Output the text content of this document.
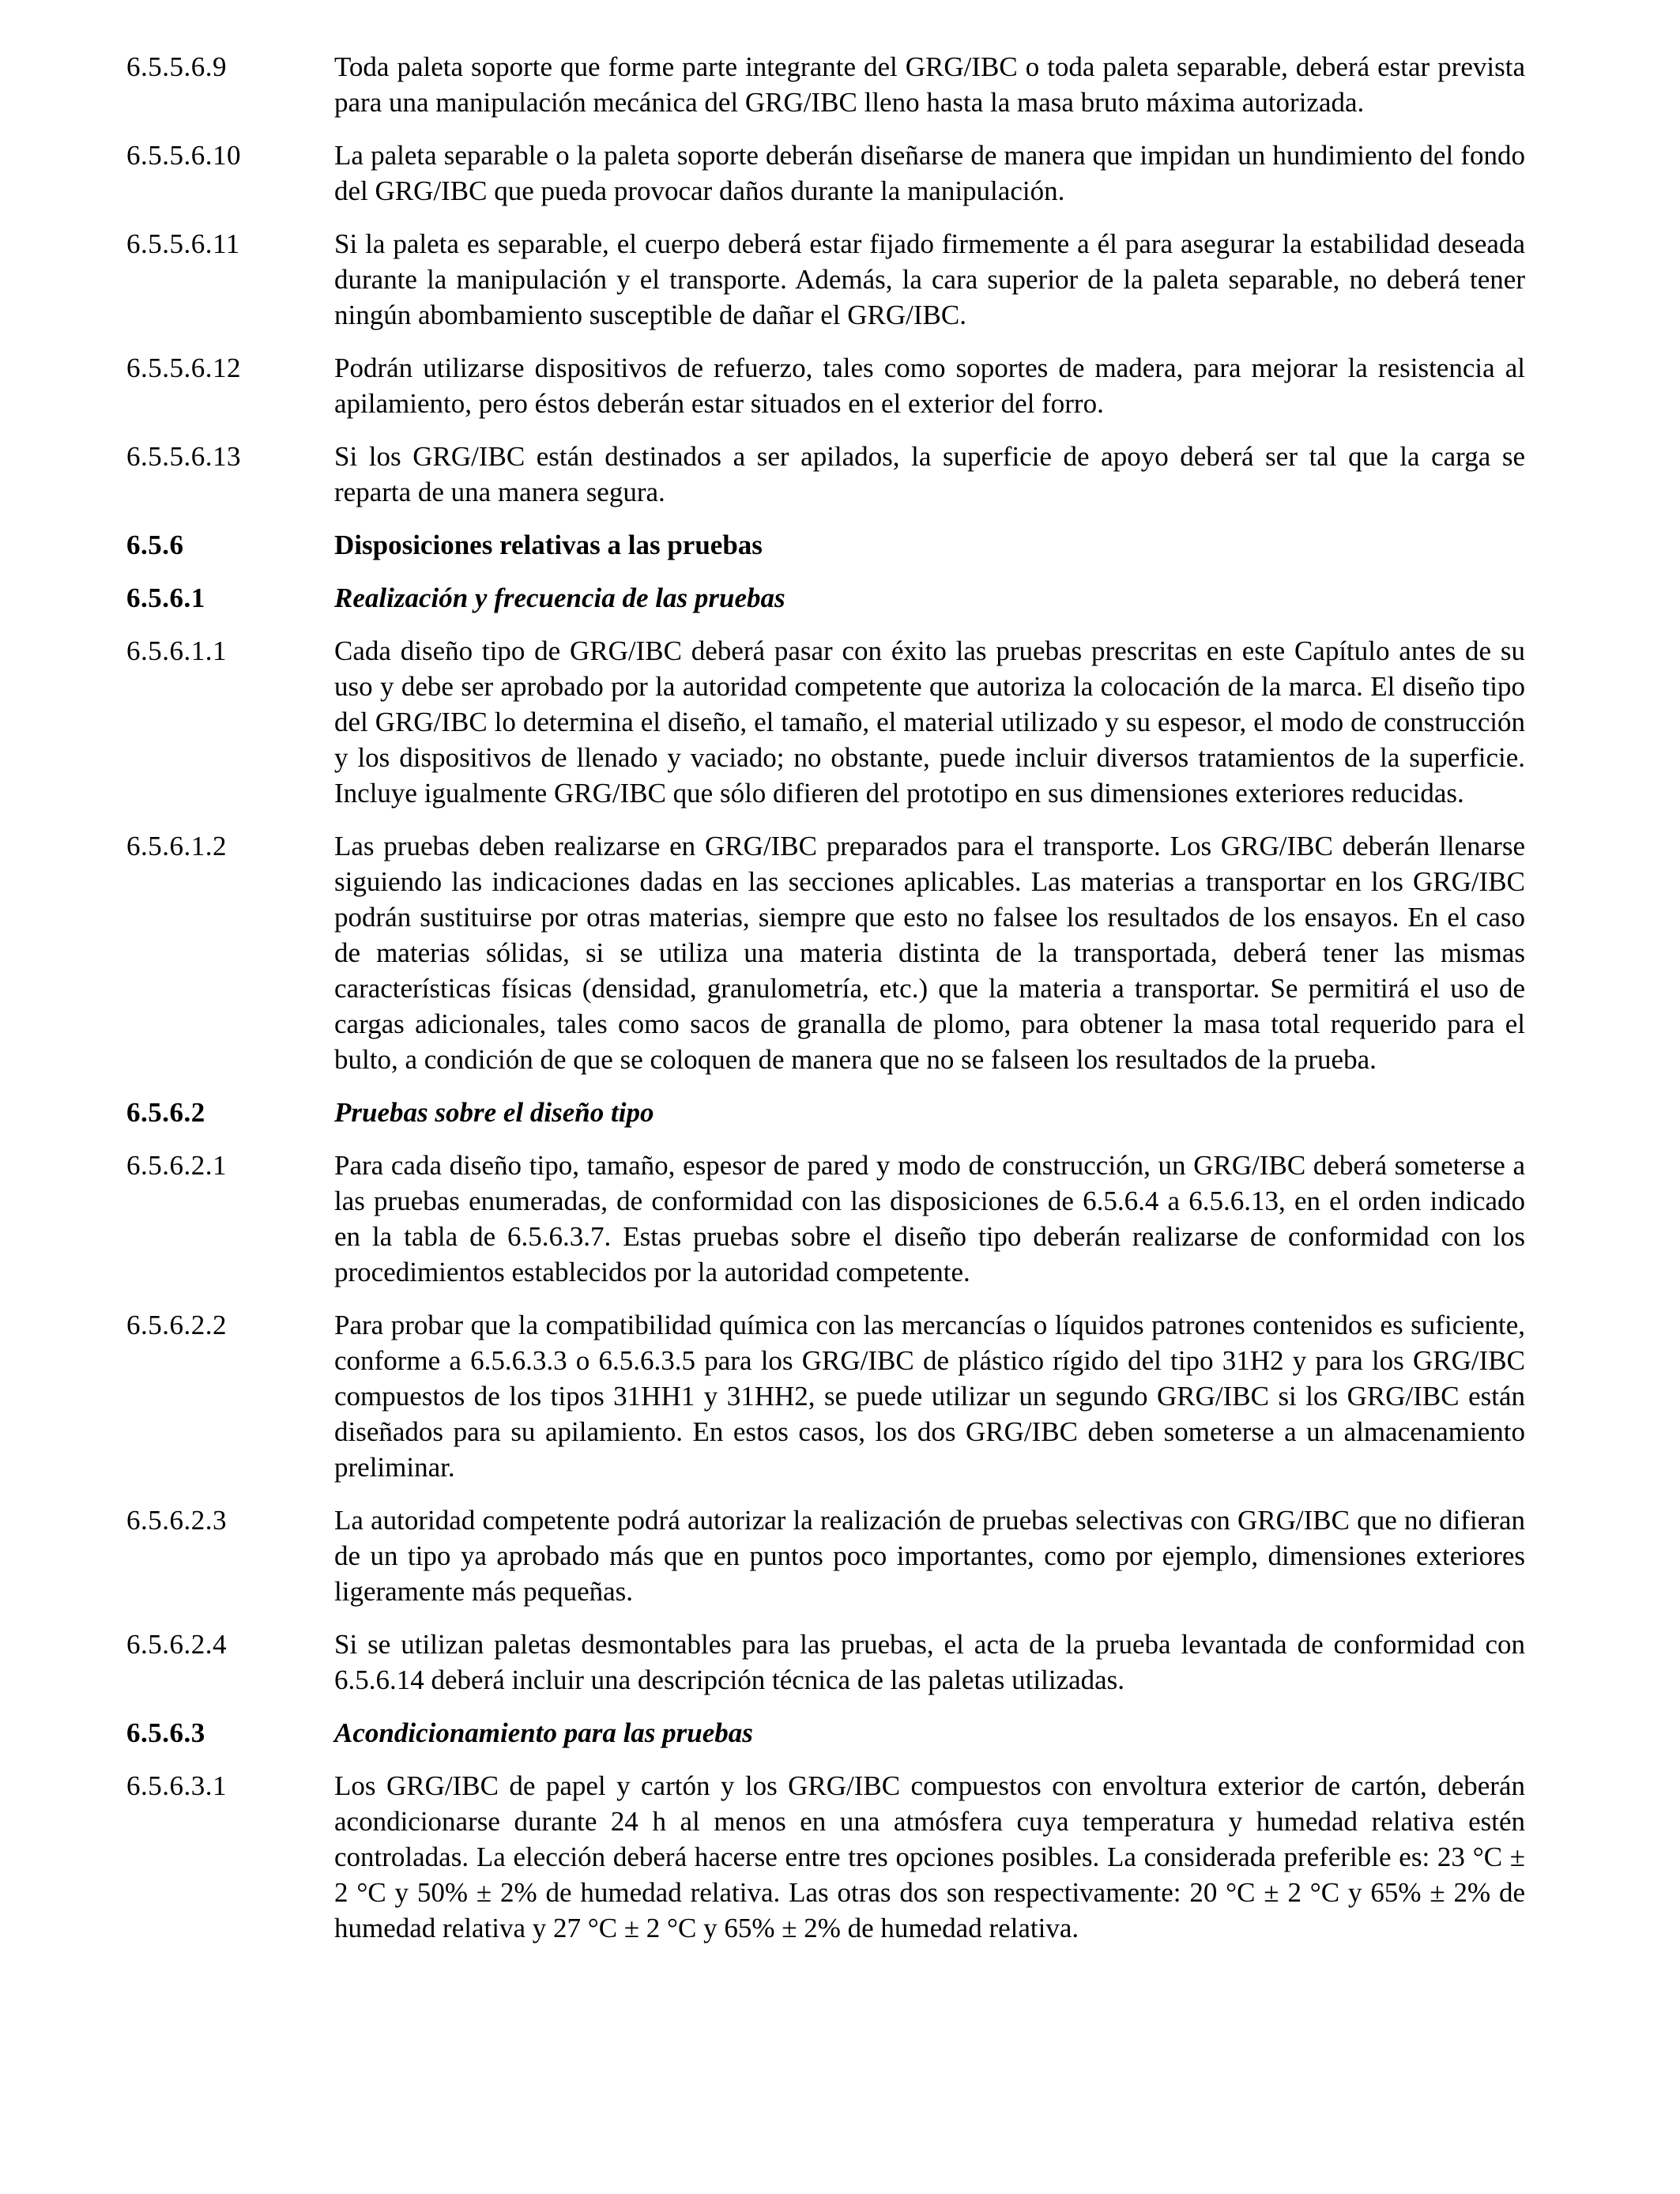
6.5.5.6.9	Toda paleta soporte que forme parte integrante del GRG/IBC o toda paleta separable, deberá estar prevista para una manipulación mecánica del GRG/IBC lleno hasta la masa bruto máxima autorizada.
6.5.5.6.10	La paleta separable o la paleta soporte deberán diseñarse de manera que impidan un hundimiento del fondo del GRG/IBC que pueda provocar daños durante la manipulación.
6.5.5.6.11	Si la paleta es separable, el cuerpo deberá estar fijado firmemente a él para asegurar la estabilidad deseada durante la manipulación y el transporte. Además, la cara superior de la paleta separable, no deberá tener ningún abombamiento susceptible de dañar el GRG/IBC.
6.5.5.6.12	Podrán utilizarse dispositivos de refuerzo, tales como soportes de madera, para mejorar la resistencia al apilamiento, pero éstos deberán estar situados en el exterior del forro.
6.5.5.6.13	Si los GRG/IBC están destinados a ser apilados, la superficie de apoyo deberá ser tal que la carga se reparta de una manera segura.
6.5.6	Disposiciones relativas a las pruebas
6.5.6.1	Realización y frecuencia de las pruebas
6.5.6.1.1	Cada diseño tipo de GRG/IBC deberá pasar con éxito las pruebas prescritas en este Capítulo antes de su uso y debe ser aprobado por la autoridad competente que autoriza la colocación de la marca. El diseño tipo del GRG/IBC lo determina el diseño, el tamaño, el material utilizado y su espesor, el modo de construcción y los dispositivos de llenado y vaciado; no obstante, puede incluir diversos tratamientos de la superficie. Incluye igualmente GRG/IBC que sólo difieren del prototipo en sus dimensiones exteriores reducidas.
6.5.6.1.2	Las pruebas deben realizarse en GRG/IBC preparados para el transporte. Los GRG/IBC deberán llenarse siguiendo las indicaciones dadas en las secciones aplicables. Las materias a transportar en los GRG/IBC podrán sustituirse por otras materias, siempre que esto no falsee los resultados de los ensayos. En el caso de materias sólidas, si se utiliza una materia distinta de la transportada, deberá tener las mismas características físicas (densidad, granulometría, etc.) que la materia a transportar. Se permitirá el uso de cargas adicionales, tales como sacos de granalla de plomo, para obtener la masa total requerido para el bulto, a condición de que se coloquen de manera que no se falseen los resultados de la prueba.
6.5.6.2	Pruebas sobre el diseño tipo
6.5.6.2.1	Para cada diseño tipo, tamaño, espesor de pared y modo de construcción, un GRG/IBC deberá someterse a las pruebas enumeradas, de conformidad con las disposiciones de 6.5.6.4 a 6.5.6.13, en el orden indicado en la tabla de 6.5.6.3.7. Estas pruebas sobre el diseño tipo deberán realizarse de conformidad con los procedimientos establecidos por la autoridad competente.
6.5.6.2.2	Para probar que la compatibilidad química con las mercancías o líquidos patrones contenidos es suficiente, conforme a 6.5.6.3.3 o 6.5.6.3.5 para los GRG/IBC de plástico rígido del tipo 31H2 y para los GRG/IBC compuestos de los tipos 31HH1 y 31HH2, se puede utilizar un segundo GRG/IBC si los GRG/IBC están diseñados para su apilamiento. En estos casos, los dos GRG/IBC deben someterse a un almacenamiento preliminar.
6.5.6.2.3	La autoridad competente podrá autorizar la realización de pruebas selectivas con GRG/IBC que no difieran de un tipo ya aprobado más que en puntos poco importantes, como por ejemplo, dimensiones exteriores ligeramente más pequeñas.
6.5.6.2.4	Si se utilizan paletas desmontables para las pruebas, el acta de la prueba levantada de conformidad con 6.5.6.14 deberá incluir una descripción técnica de las paletas utilizadas.
6.5.6.3	Acondicionamiento para las pruebas
6.5.6.3.1	Los GRG/IBC de papel y cartón y los GRG/IBC compuestos con envoltura exterior de cartón, deberán acondicionarse durante 24 h al menos en una atmósfera cuya temperatura y humedad relativa estén controladas. La elección deberá hacerse entre tres opciones posibles. La considerada preferible es: 23 °C ± 2 °C y 50% ± 2% de humedad relativa. Las otras dos son respectivamente: 20 °C ± 2 °C y 65% ± 2% de humedad relativa y 27 °C ± 2 °C y 65% ± 2% de humedad relativa.
